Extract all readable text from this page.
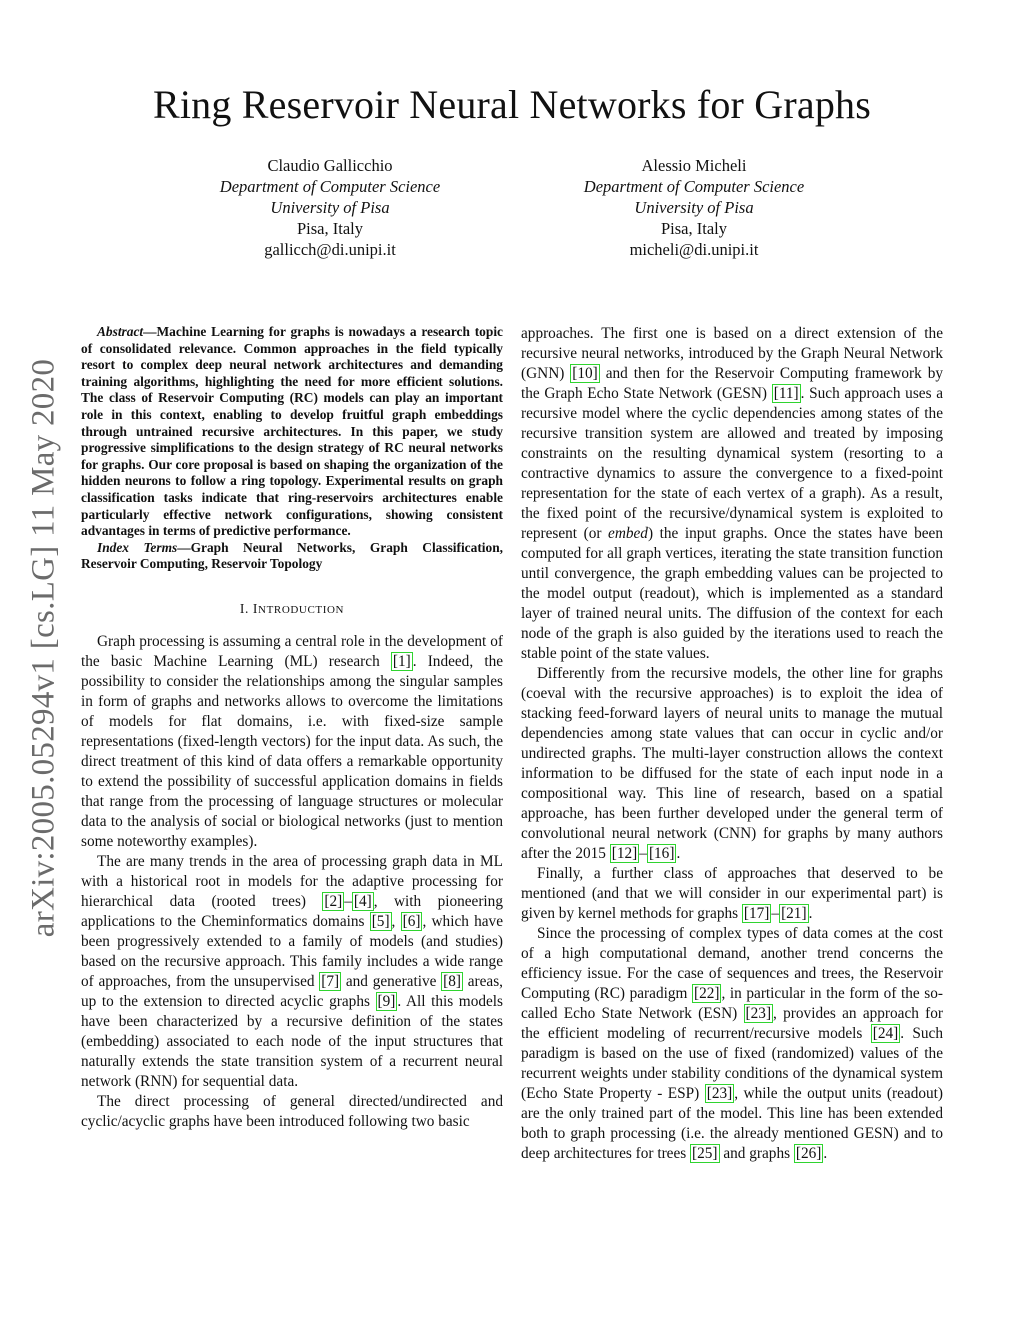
Ring Reservoir Neural Networks for Graphs
Claudio Gallicchio
Department of Computer Science
University of Pisa
Pisa, Italy
gallicch@di.unipi.it
Alessio Micheli
Department of Computer Science
University of Pisa
Pisa, Italy
micheli@di.unipi.it
arXiv:2005.05294v1 [cs.LG] 11 May 2020

Abstract—Machine Learning for graphs is nowadays a research topic of consolidated relevance. Common approaches in the field typically resort to complex deep neural network architectures and demanding training algorithms, highlighting the need for more efficient solutions. The class of Reservoir Computing (RC) models can play an important role in this context, enabling to develop fruitful graph embeddings through untrained recursive architectures. In this paper, we study progressive simplifications to the design strategy of RC neural networks for graphs. Our core proposal is based on shaping the organization of the hidden neurons to follow a ring topology. Experimental results on graph classification tasks indicate that ring-reservoirs architectures enable particularly effective network configurations, showing consistent advantages in terms of predictive performance.

Index Terms—Graph Neural Networks, Graph Classification, Reservoir Computing, Reservoir Topology

I. INTRODUCTION

Graph processing is assuming a central role in the development of the basic Machine Learning (ML) research [1] . Indeed, the possibility to consider the relationships among the singular samples in form of graphs and networks allows to overcome the limitations of models for flat domains, i.e. with fixed-size sample representations (fixed-length vectors) for the input data. As such, the direct treatment of this kind of data offers a remarkable opportunity to extend the possibility of successful application domains in fields that range from the processing of language structures or molecular data to the analysis of social or biological networks (just to mention some noteworthy examples).

The are many trends in the area of processing graph data in ML with a historical root in models for the adaptive processing for hierarchical data (rooted trees) [2] – [4] , with pioneering applications to the Cheminformatics domains [5] , [6] , which have been progressively extended to a family of models (and studies) based on the recursive approach. This family includes a wide range of approaches, from the unsupervised [7] and generative [8] areas, up to the extension to directed acyclic graphs [9] . All this models have been characterized by a recursive definition of the states (embedding) associated to each node of the input structures that naturally extends the state transition system of a recurrent neural network (RNN) for sequential data.

The direct processing of general directed/undirected and cyclic/acyclic graphs have been introduced following two basic

approaches. The first one is based on a direct extension of the recursive neural networks, introduced by the Graph Neural Network (GNN) [10] and then for the Reservoir Computing framework by the Graph Echo State Network (GESN) [11] . Such approach uses a recursive model where the cyclic dependencies among states of the recursive transition system are allowed and treated by imposing constraints on the resulting dynamical system (resorting to a contractive dynamics to assure the convergence to a fixed-point representation for the state of each vertex of a graph). As a result, the fixed point of the recursive/dynamical system is exploited to represent (or embed) the input graphs. Once the states have been computed for all graph vertices, iterating the state transition function until convergence, the graph embedding values can be projected to the model output (readout), which is implemented as a standard layer of trained neural units. The diffusion of the context for each node of the graph is also guided by the iterations used to reach the stable point of the state values.

Differently from the recursive models, the other line for graphs (coeval with the recursive approaches) is to exploit the idea of stacking feed-forward layers of neural units to manage the mutual dependencies among state values that can occur in cyclic and/or undirected graphs. The multi-layer construction allows the context information to be diffused for the state of each input node in a compositional way. This line of research, based on a spatial approache, has been further developed under the general term of convolutional neural network (CNN) for graphs by many authors after the 2015 [12] – [16] .

Finally, a further class of approaches that deserved to be mentioned (and that we will consider in our experimental part) is given by kernel methods for graphs [17] – [21] .

Since the processing of complex types of data comes at the cost of a high computational demand, another trend concerns the efficiency issue. For the case of sequences and trees, the Reservoir Computing (RC) paradigm [22] , in particular in the form of the so-called Echo State Network (ESN) [23] , provides an approach for the efficient modeling of recurrent/recursive models [24] . Such paradigm is based on the use of fixed (randomized) values of the recurrent weights under stability conditions of the dynamical system (Echo State Property - ESP) [23] , while the output units (readout) are the only trained part of the model. This line has been extended both to graph processing (i.e. the already mentioned GESN) and to deep architectures for trees [25] and graphs [26] .
